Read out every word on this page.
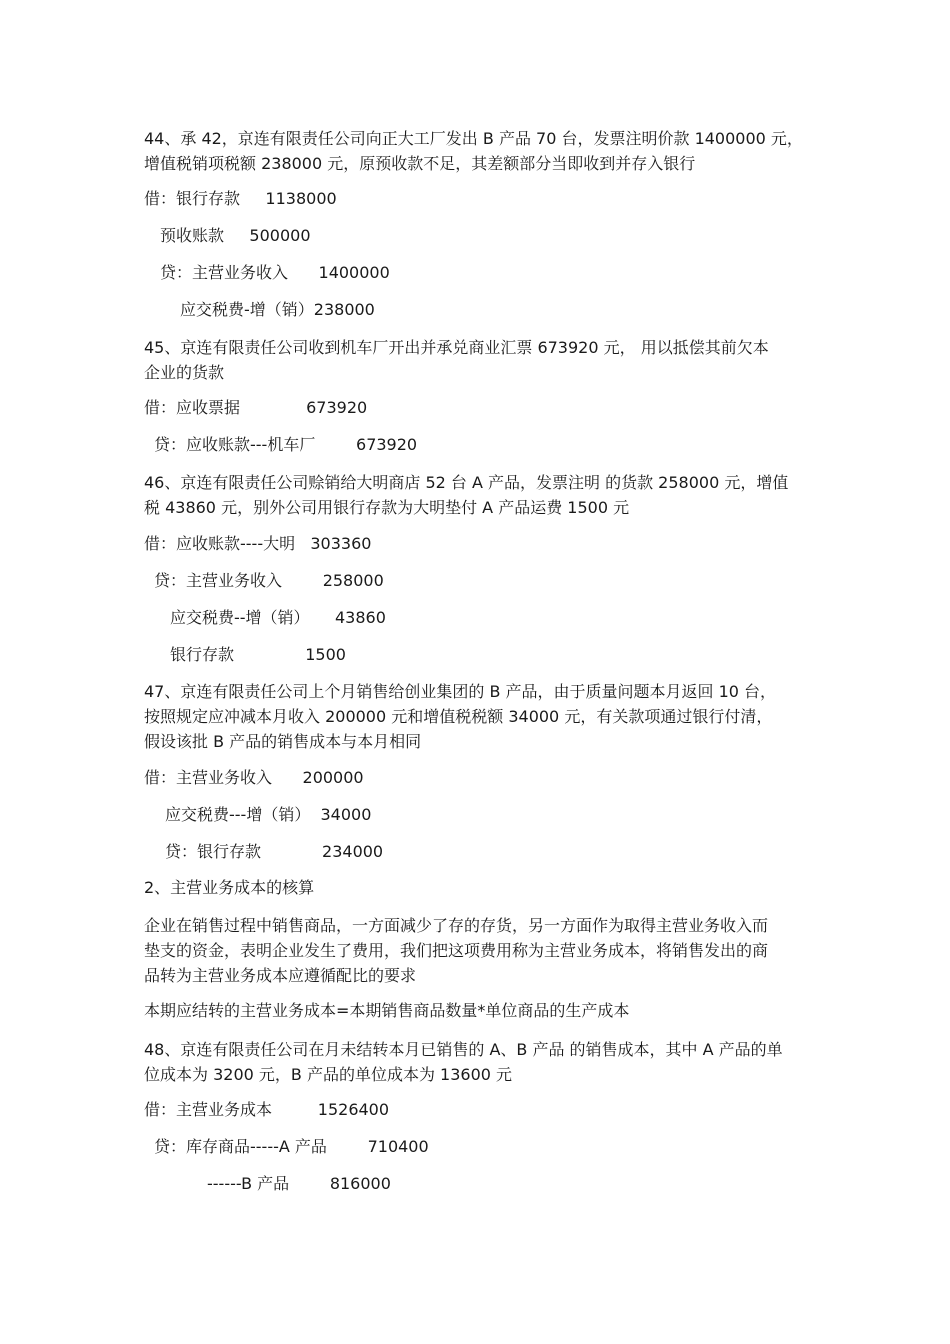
44、承 42，京连有限责任公司向正大工厂发出 B 产品 70 台，发票注明价款 1400000 元，
增值税销项税额 238000 元，原预收款不足，其差额部分当即收到并存入银行
借：银行存款     1138000
预收账款     500000
贷：主营业务收入      1400000
应交税费-增（销）238000
45、京连有限责任公司收到机车厂开出并承兑商业汇票 673920 元， 用以抵偿其前欠本
企业的货款
借：应收票据             673920
贷：应收账款---机车厂        673920
46、京连有限责任公司赊销给大明商店 52 台 A 产品，发票注明 的货款 258000 元，增值
税 43860 元，别外公司用银行存款为大明垫付 A 产品运费 1500 元
借：应收账款----大明   303360
贷：主营业务收入        258000
应交税费--增（销）     43860
银行存款              1500
47、京连有限责任公司上个月销售给创业集团的 B 产品，由于质量问题本月返回 10 台，
按照规定应冲减本月收入 200000 元和增值税税额 34000 元，有关款项通过银行付清，
假设该批 B 产品的销售成本与本月相同
借：主营业务收入      200000
应交税费---增（销）  34000
贷：银行存款            234000
2、主营业务成本的核算
企业在销售过程中销售商品，一方面减少了存的存货，另一方面作为取得主营业务收入而
垫支的资金，表明企业发生了费用，我们把这项费用称为主营业务成本，将销售发出的商
品转为主营业务成本应遵循配比的要求
本期应结转的主营业务成本=本期销售商品数量*单位商品的生产成本
48、京连有限责任公司在月未结转本月已销售的 A、B 产品 的销售成本，其中 A 产品的单
位成本为 3200 元，B 产品的单位成本为 13600 元
借：主营业务成本         1526400
贷：库存商品-----A 产品        710400
------B 产品        816000
